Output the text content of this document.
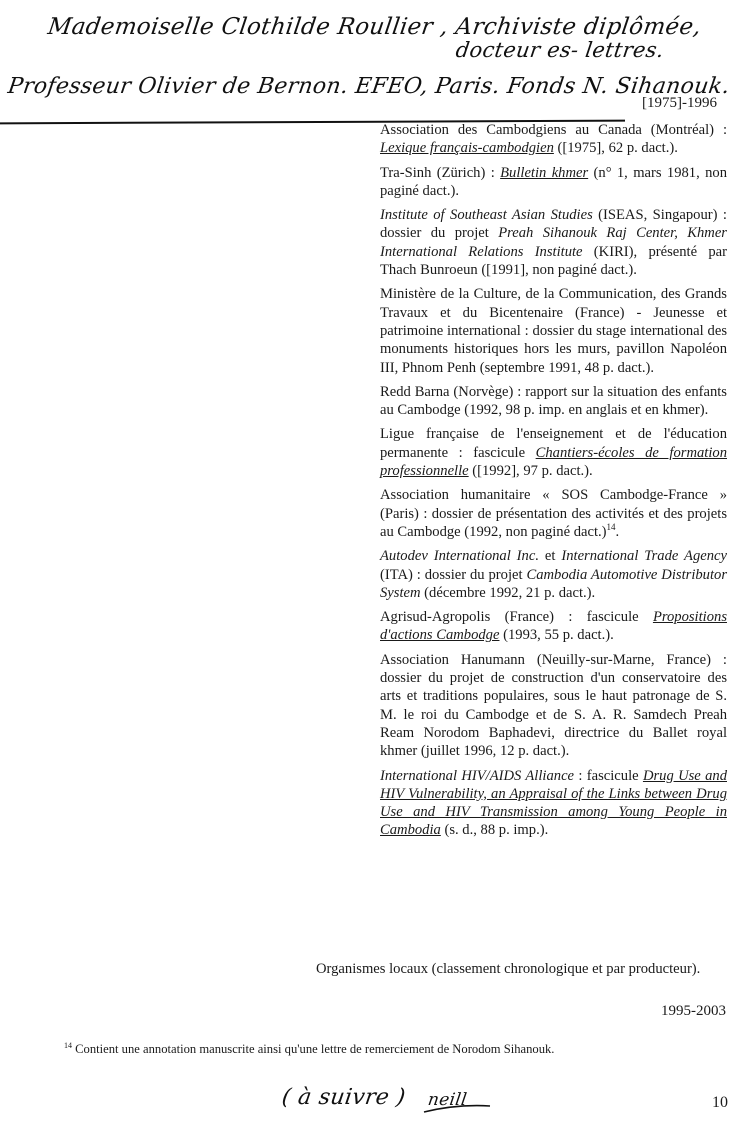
Mademoiselle Clothilde Roullier , Archiviste diplômée,
docteur es- lettres.
Professeur Olivier de Bernon. EFEO, Paris. Fonds N. Sihanouk.
[1975]-1996
Association des Cambodgiens au Canada (Montréal) : Lexique français-cambodgien ([1975], 62 p. dact.).
Tra-Sinh (Zürich) : Bulletin khmer (n° 1, mars 1981, non paginé dact.).
Institute of Southeast Asian Studies (ISEAS, Singapour) : dossier du projet Preah Sihanouk Raj Center, Khmer International Relations Institute (KIRI), présenté par Thach Bunroeun ([1991], non paginé dact.).
Ministère de la Culture, de la Communication, des Grands Travaux et du Bicentenaire (France) - Jeunesse et patrimoine international : dossier du stage international des monuments historiques hors les murs, pavillon Napoléon III, Phnom Penh (septembre 1991, 48 p. dact.).
Redd Barna (Norvège) : rapport sur la situation des enfants au Cambodge (1992, 98 p. imp. en anglais et en khmer).
Ligue française de l'enseignement et de l'éducation permanente : fascicule Chantiers-écoles de formation professionnelle ([1992], 97 p. dact.).
Association humanitaire « SOS Cambodge-France » (Paris) : dossier de présentation des activités et des projets au Cambodge (1992, non paginé dact.)$^{14}$.
Autodev International Inc. et International Trade Agency (ITA) : dossier du projet Cambodia Automotive Distributor System (décembre 1992, 21 p. dact.).
Agrisud-Agropolis (France) : fascicule Propositions d'actions Cambodge (1993, 55 p. dact.).
Association Hanumann (Neuilly-sur-Marne, France) : dossier du projet de construction d'un conservatoire des arts et traditions populaires, sous le haut patronage de S. M. le roi du Cambodge et de S. A. R. Samdech Preah Ream Norodom Baphadevi, directrice du Ballet royal khmer (juillet 1996, 12 p. dact.).
International HIV/AIDS Alliance : fascicule Drug Use and HIV Vulnerability, an Appraisal of the Links between Drug Use and HIV Transmission among Young People in Cambodia (s. d., 88 p. imp.).

Organismes locaux (classement chronologique et par producteur).

1995-2003

$^{14}$ Contient une annotation manuscrite ainsi qu'une lettre de remerciement de Norodom Sihanouk.

( à suivre ) neill	10
